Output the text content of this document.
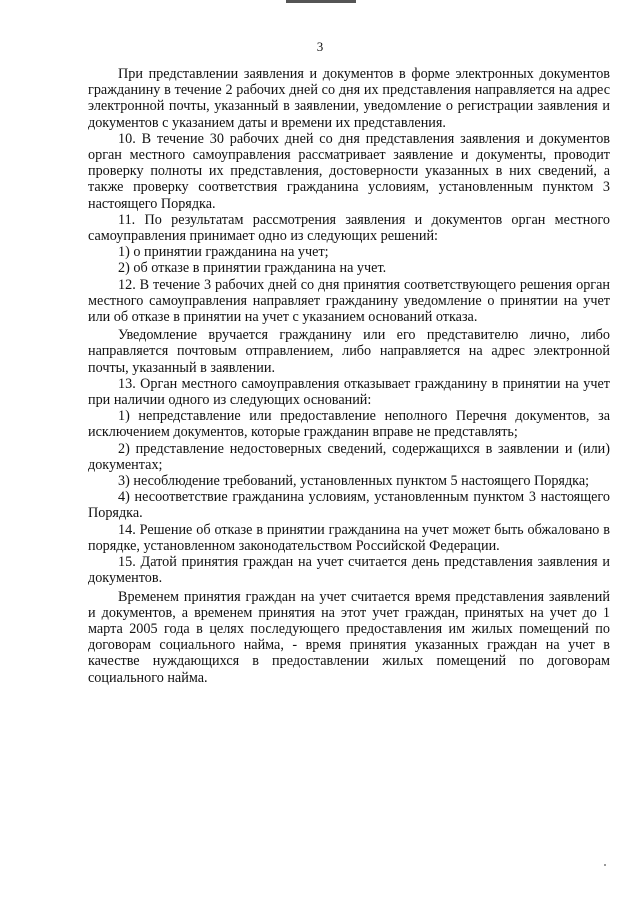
3

При представлении заявления и документов в форме электронных документов гражданину в течение 2 рабочих дней со дня их представления направляется на адрес электронной почты, указанный в заявлении, уведомление о регистрации заявления и документов с указанием даты и времени их представления.

10. В течение 30 рабочих дней со дня представления заявления и документов орган местного самоуправления рассматривает заявление и документы, проводит проверку полноты их представления, достоверности указанных в них сведений, а также проверку соответствия гражданина условиям, установленным пунктом 3 настоящего Порядка.

11. По результатам рассмотрения заявления и документов орган местного самоуправления принимает одно из следующих решений:

1) о принятии гражданина на учет;

2) об отказе в принятии гражданина на учет.

12. В течение 3 рабочих дней со дня принятия соответствующего решения орган местного самоуправления направляет гражданину уведомление о принятии на учет или об отказе в принятии на учет с указанием оснований отказа.

Уведомление вручается гражданину или его представителю лично, либо направляется почтовым отправлением, либо направляется на адрес электронной почты, указанный в заявлении.

13. Орган местного самоуправления отказывает гражданину в принятии на учет при наличии одного из следующих оснований:

1) непредставление или предоставление неполного Перечня документов, за исключением документов, которые гражданин вправе не представлять;

2) представление недостоверных сведений, содержащихся в заявлении и (или) документах;

3) несоблюдение требований, установленных пунктом 5 настоящего Порядка;

4) несоответствие гражданина условиям, установленным пунктом 3 настоящего Порядка.

14. Решение об отказе в принятии гражданина на учет может быть обжаловано в порядке, установленном законодательством Российской Федерации.

15. Датой принятия граждан на учет считается день представления заявления и документов.

Временем принятия граждан на учет считается время представления заявлений и документов, а временем принятия на этот учет граждан, принятых на учет до 1 марта 2005 года в целях последующего предоставления им жилых помещений по договорам социального найма, - время принятия указанных граждан на учет в качестве нуждающихся в предоставлении жилых помещений по договорам социального найма.
